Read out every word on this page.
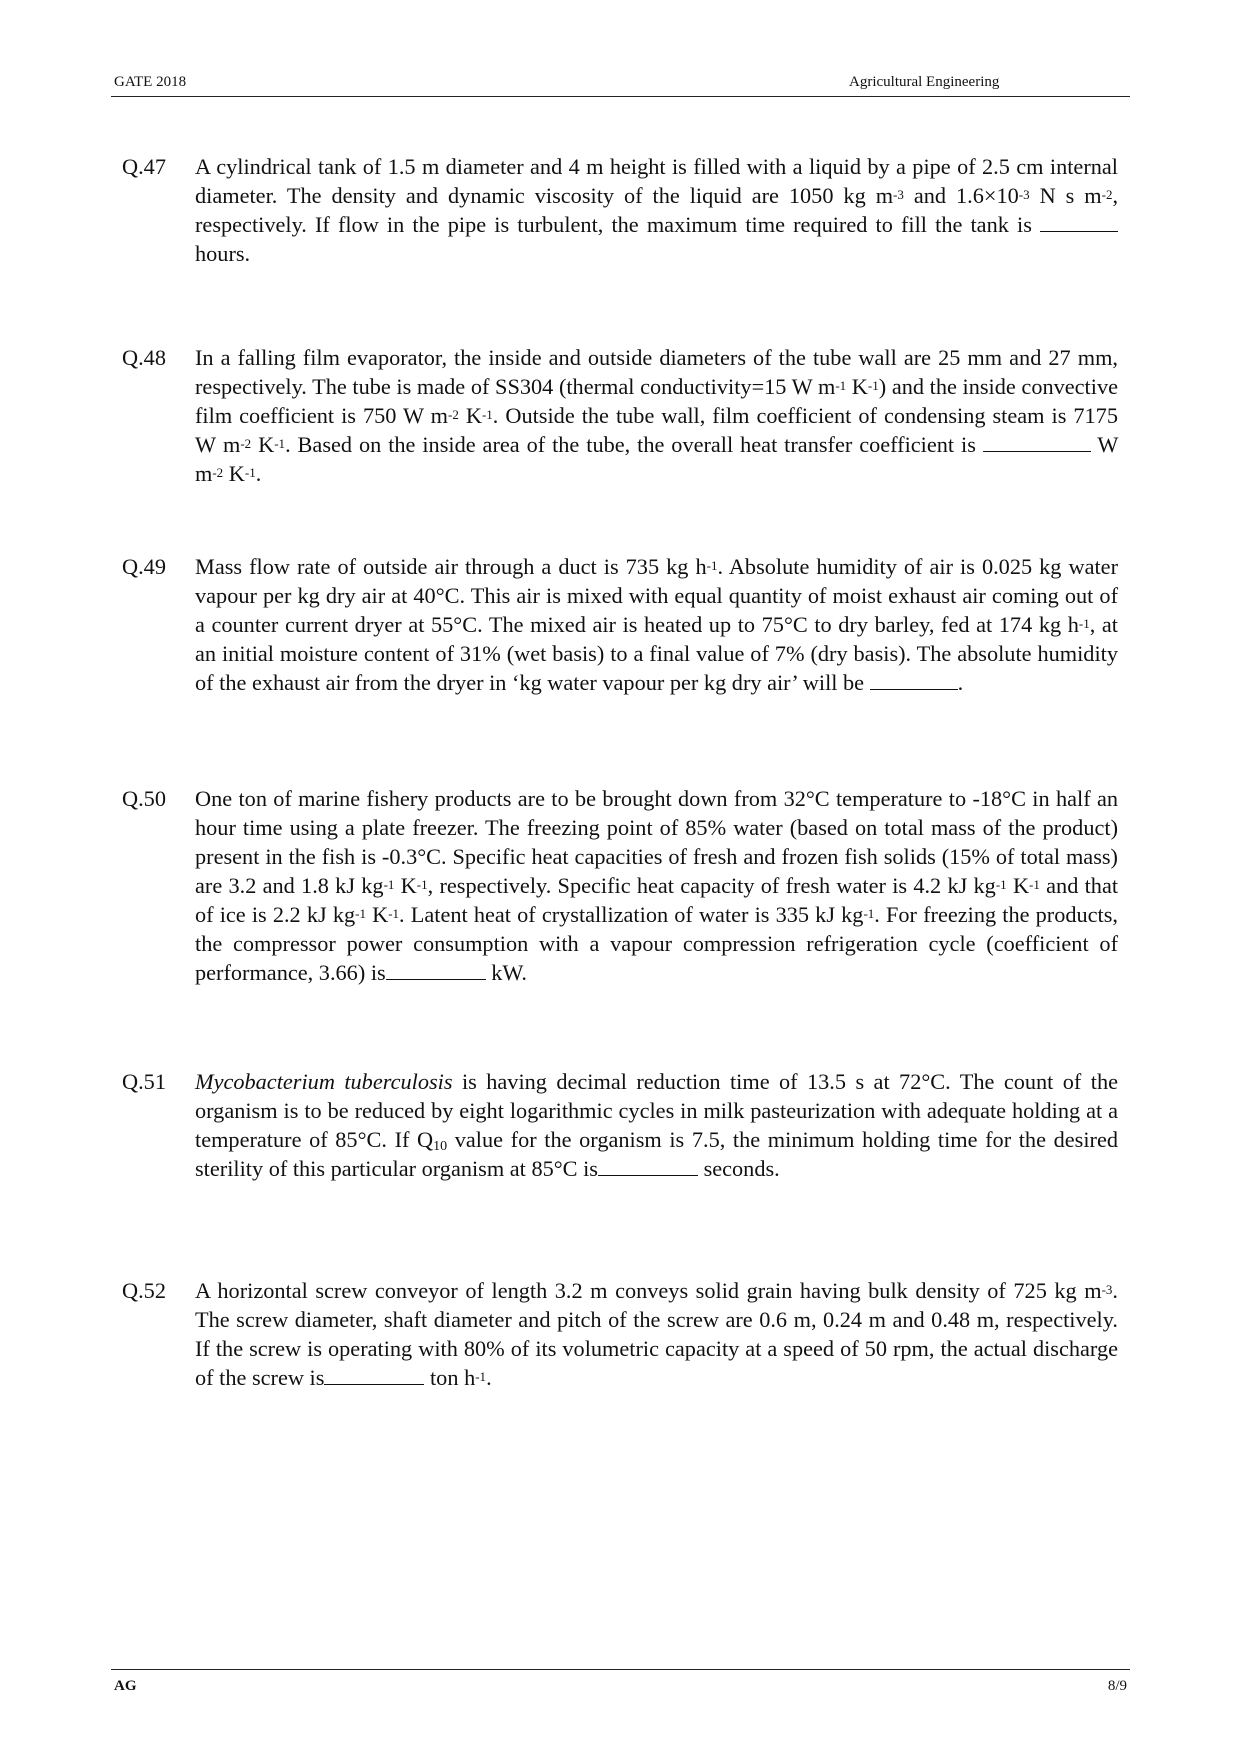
GATE 2018	Agricultural Engineering
Q.47 A cylindrical tank of 1.5 m diameter and 4 m height is filled with a liquid by a pipe of 2.5 cm internal diameter. The density and dynamic viscosity of the liquid are 1050 kg $m^{-3}$ and $1.6\times 10^{-3}$ N s $m^{-2}$, respectively. If flow in the pipe is turbulent, the maximum time required to fill the tank is  hours.
Q.48 In a falling film evaporator, the inside and outside diameters of the tube wall are 25 mm and 27 mm, respectively. The tube is made of SS304 (thermal conductivity=15 W $m^{-1}$ $K^{-1}$) and the inside convective film coefficient is 750 W $m^{-2}$ $K^{-1}$. Outside the tube wall, film coefficient of condensing steam is 7175 W $m^{-2}$ $K^{-1}$. Based on the inside area of the tube, the overall heat transfer coefficient is	W $m^{-2}$ $K^{-1}$.
Q.49 Mass flow rate of outside air through a duct is 735 kg $h^{-1}$. Absolute humidity of air is 0.025 kg water vapour per kg dry air at 40°C. This air is mixed with equal quantity of moist exhaust air coming out of a counter current dryer at 55°C. The mixed air is heated up to 75°C to dry barley, fed at 174 kg $h^{-1}$, at an initial moisture content of 31% (wet basis) to a final value of 7% (dry basis). The absolute humidity of the exhaust air from the dryer in ‘kg water vapour per kg dry air’ will be	.
Q.50 One ton of marine fishery products are to be brought down from 32°C temperature to -18°C in half an hour time using a plate freezer. The freezing point of 85% water (based on total mass of the product) present in the fish is -0.3°C. Specific heat capacities of fresh and frozen fish solids (15% of total mass) are 3.2 and 1.8 kJ $kg^{-1}$ $K^{-1}$, respectively. Specific heat capacity of fresh water is 4.2 kJ $kg^{-1}$ $K^{-1}$ and that of ice is 2.2 kJ $kg^{-1}$ $K^{-1}$. Latent heat of crystallization of water is 335 kJ $kg^{-1}$. For freezing the products, the compressor power consumption with a vapour compression refrigeration cycle (coefficient of performance, 3.66) is	kW.
Q.51 Mycobacterium tuberculosis is having decimal reduction time of 13.5 s at 72°C. The count of the organism is to be reduced by eight logarithmic cycles in milk pasteurization with adequate holding at a temperature of 85°C. If $Q_{10}$ value for the organism is 7.5, the minimum holding time for the desired sterility of this particular organism at 85°C is	seconds.
Q.52 A horizontal screw conveyor of length 3.2 m conveys solid grain having bulk density of 725 kg $m^{-3}$. The screw diameter, shaft diameter and pitch of the screw are 0.6 m, 0.24 m and 0.48 m, respectively. If the screw is operating with 80% of its volumetric capacity at a speed of 50 rpm, the actual discharge of the screw is	ton $h^{-1}$.
AG	8/9
